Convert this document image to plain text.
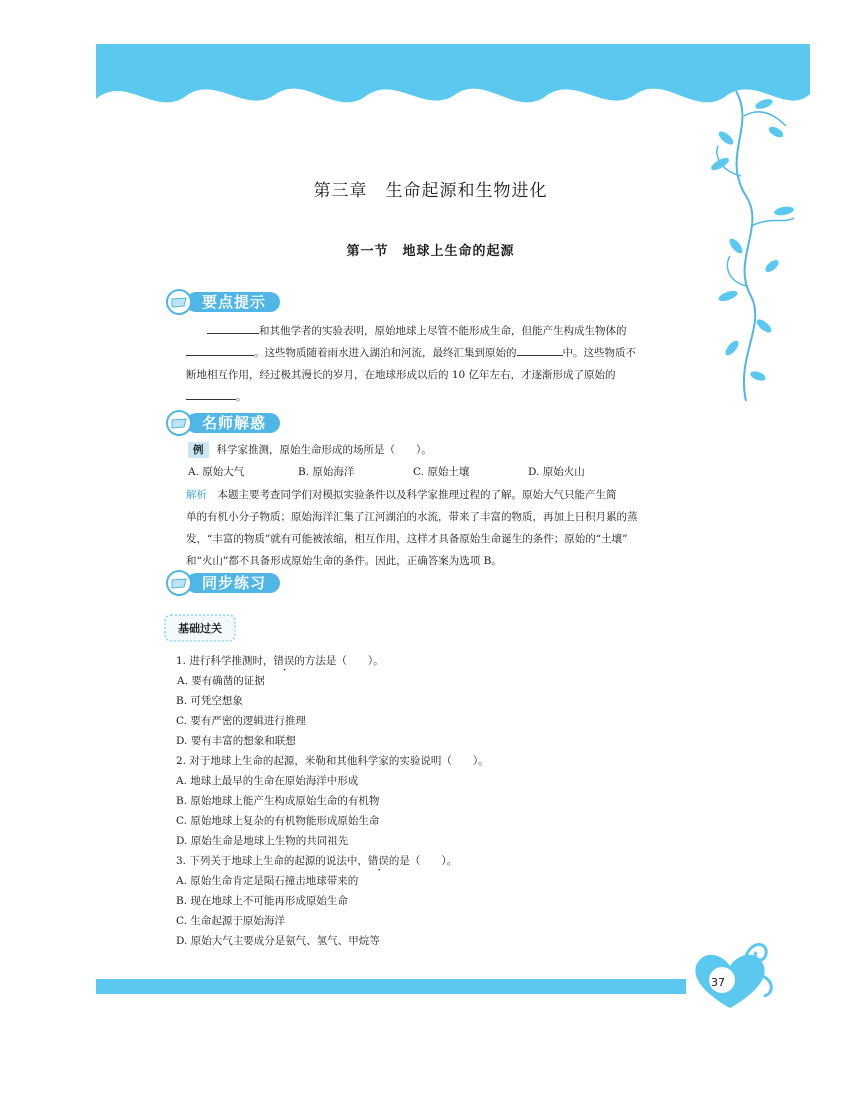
第三章　生命起源和生物进化
第一节　地球上生命的起源
要点提示
和其他学者的实验表明，原始地球上尽管不能形成生命，但能产生构成生物体的
。这些物质随着雨水进入湖泊和河流，最终汇集到原始的	中。这些物质不
断地相互作用，经过极其漫长的岁月，在地球形成以后的 10 亿年左右，才逐渐形成了原始的
。
名师解惑
例 科学家推测，原始生命形成的场所是（　　）。
A. 原始大气	B. 原始海洋	C. 原始土壤	D. 原始火山
解析　 本题主要考查同学们对模拟实验条件以及科学家推理过程的了解。原始大气只能产生简
单的有机小分子物质；原始海洋汇集了江河湖泊的水流，带来了丰富的物质，再加上日积月累的蒸
发，“丰富的物质”就有可能被浓缩，相互作用，这样才具备原始生命诞生的条件；原始的“土壤”
和“火山”都不具备形成原始生命的条件。因此，正确答案为选项 B。
同步练习
基础过关
1. 进行科学推测时，错误的方法是（　　）。
A. 要有确凿的证据
B. 可凭空想象
C. 要有严密的逻辑进行推理
D. 要有丰富的想象和联想
2. 对于地球上生命的起源，米勒和其他科学家的实验说明（　　）。
A. 地球上最早的生命在原始海洋中形成
B. 原始地球上能产生构成原始生命的有机物
C. 原始地球上复杂的有机物能形成原始生命
D. 原始生命是地球上生物的共同祖先
3. 下列关于地球上生命的起源的说法中，错误的是（　　）。
A. 原始生命肯定是陨石撞击地球带来的
B. 现在地球上不可能再形成原始生命
C. 生命起源于原始海洋
D. 原始大气主要成分是氨气、氢气、甲烷等
37
